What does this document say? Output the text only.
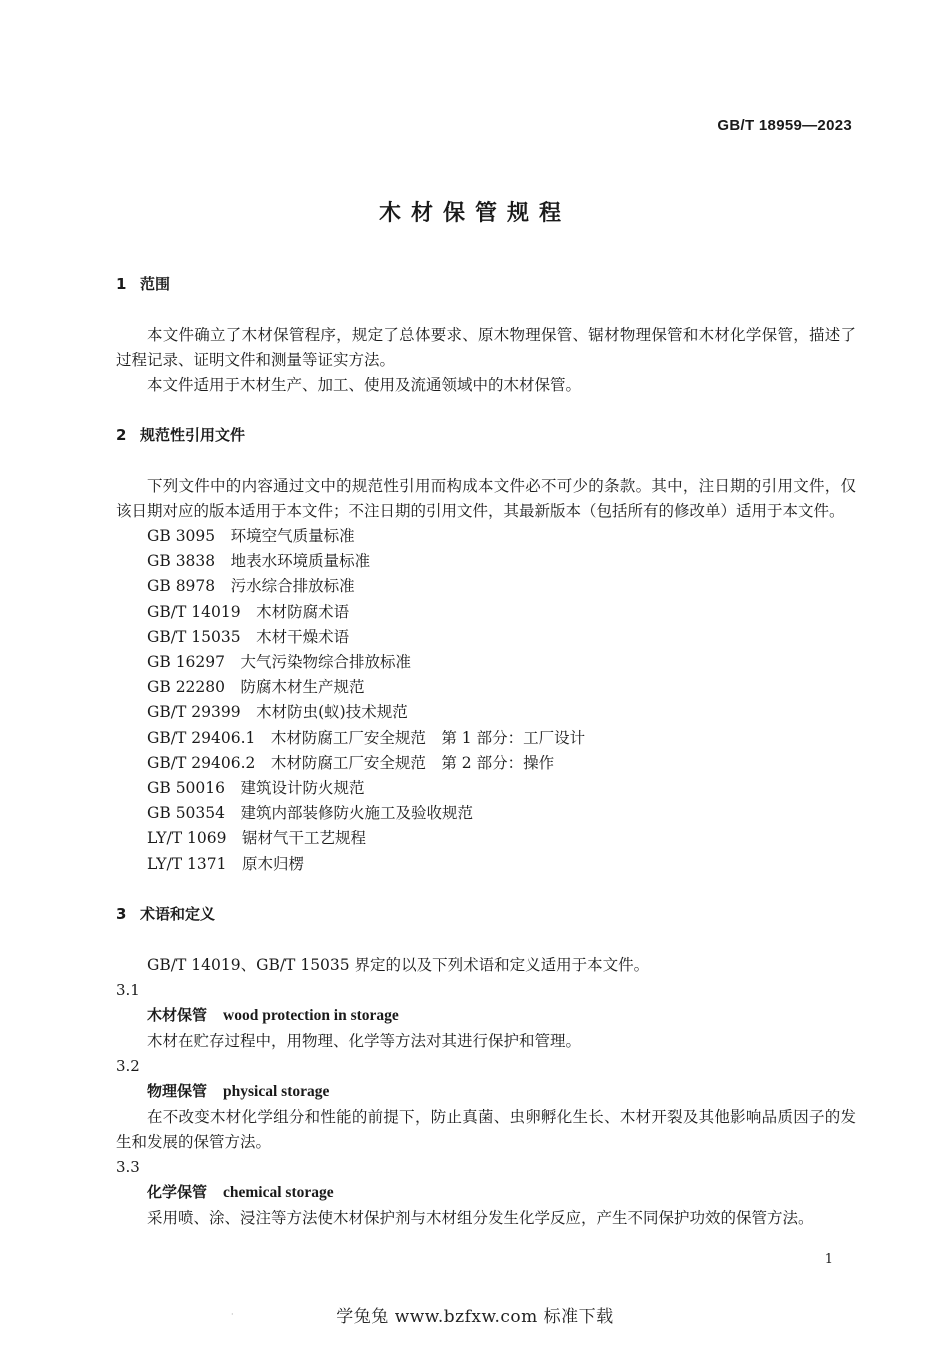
GB/T 18959—2023
木材保管规程
1 范围

本文件确立了木材保管程序，规定了总体要求、原木物理保管、锯材物理保管和木材化学保管，描述了过程记录、证明文件和测量等证实方法。

本文件适用于木材生产、加工、使用及流通领域中的木材保管。

2 规范性引用文件

下列文件中的内容通过文中的规范性引用而构成本文件必不可少的条款。其中，注日期的引用文件，仅该日期对应的版本适用于本文件；不注日期的引用文件，其最新版本（包括所有的修改单）适用于本文件。

GB 3095　 环境空气质量标准

GB 3838　 地表水环境质量标准

GB 8978　 污水综合排放标准

GB/T 14019　 木材防腐术语

GB/T 15035　 木材干燥术语

GB 16297　 大气污染物综合排放标准

GB 22280　 防腐木材生产规范

GB/T 29399　 木材防虫(蚁)技术规范

GB/T 29406.1　 木材防腐工厂安全规范　第 1 部分：工厂设计

GB/T 29406.2　 木材防腐工厂安全规范　第 2 部分：操作

GB 50016　 建筑设计防火规范

GB 50354　 建筑内部装修防火施工及验收规范

LY/T 1069　 锯材气干工艺规程

LY/T 1371　 原木归楞

3 术语和定义

GB/T 14019、GB/T 15035 界定的以及下列术语和定义适用于本文件。

3.1

木材保管 wood protection in storage

木材在贮存过程中，用物理、化学等方法对其进行保护和管理。

3.2

物理保管 physical storage

在不改变木材化学组分和性能的前提下，防止真菌、虫卵孵化生长、木材开裂及其他影响品质因子的发生和发展的保管方法。

3.3

化学保管 chemical storage

采用喷、涂、浸注等方法使木材保护剂与木材组分发生化学反应，产生不同保护功效的保管方法。

1
·	学兔兔 www.bzfxw.com 标准下载
